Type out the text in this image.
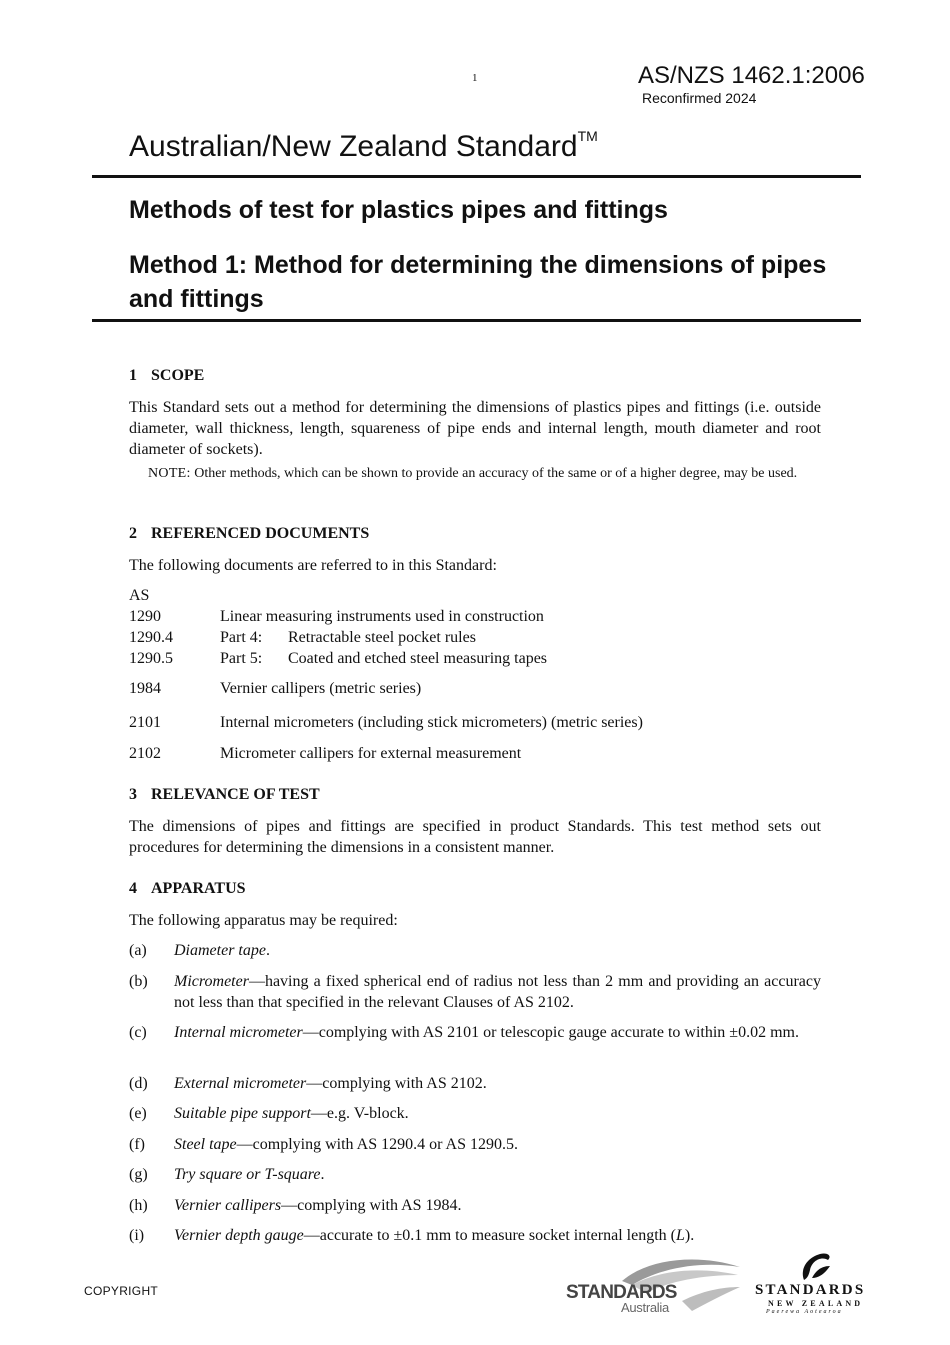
1	AS/NZS 1462.1:2006
Reconfirmed 2024
Australian/New Zealand Standard™
Methods of test for plastics pipes and fittings
Method 1: Method for determining the dimensions of pipes and fittings
1 SCOPE
This Standard sets out a method for determining the dimensions of plastics pipes and fittings (i.e. outside diameter, wall thickness, length, squareness of pipe ends and internal length, mouth diameter and root diameter of sockets).
NOTE: Other methods, which can be shown to provide an accuracy of the same or of a higher degree, may be used.
2 REFERENCED DOCUMENTS
The following documents are referred to in this Standard:
AS
1290	Linear measuring instruments used in construction
1290.4	Part 4: Retractable steel pocket rules
1290.5	Part 5: Coated and etched steel measuring tapes
1984	Vernier callipers (metric series)
2101	Internal micrometers (including stick micrometers) (metric series)
2102	Micrometer callipers for external measurement
3 RELEVANCE OF TEST
The dimensions of pipes and fittings are specified in product Standards. This test method sets out procedures for determining the dimensions in a consistent manner.
4 APPARATUS
The following apparatus may be required:
(a) Diameter tape.
(b) Micrometer—having a fixed spherical end of radius not less than 2 mm and providing an accuracy not less than that specified in the relevant Clauses of AS 2102.
(c) Internal micrometer—complying with AS 2101 or telescopic gauge accurate to within ±0.02 mm.
(d) External micrometer—complying with AS 2102.
(e) Suitable pipe support—e.g. V-block.
(f) Steel tape—complying with AS 1290.4 or AS 1290.5.
(g) Try square or T-square.
(h) Vernier callipers—complying with AS 1984.
(i) Vernier depth gauge—accurate to ±0.1 mm to measure socket internal length (L).
COPYRIGHT	STANDARDS
Australia
STANDARDS
NEW ZEALAND
Paerewa Aotearoa
